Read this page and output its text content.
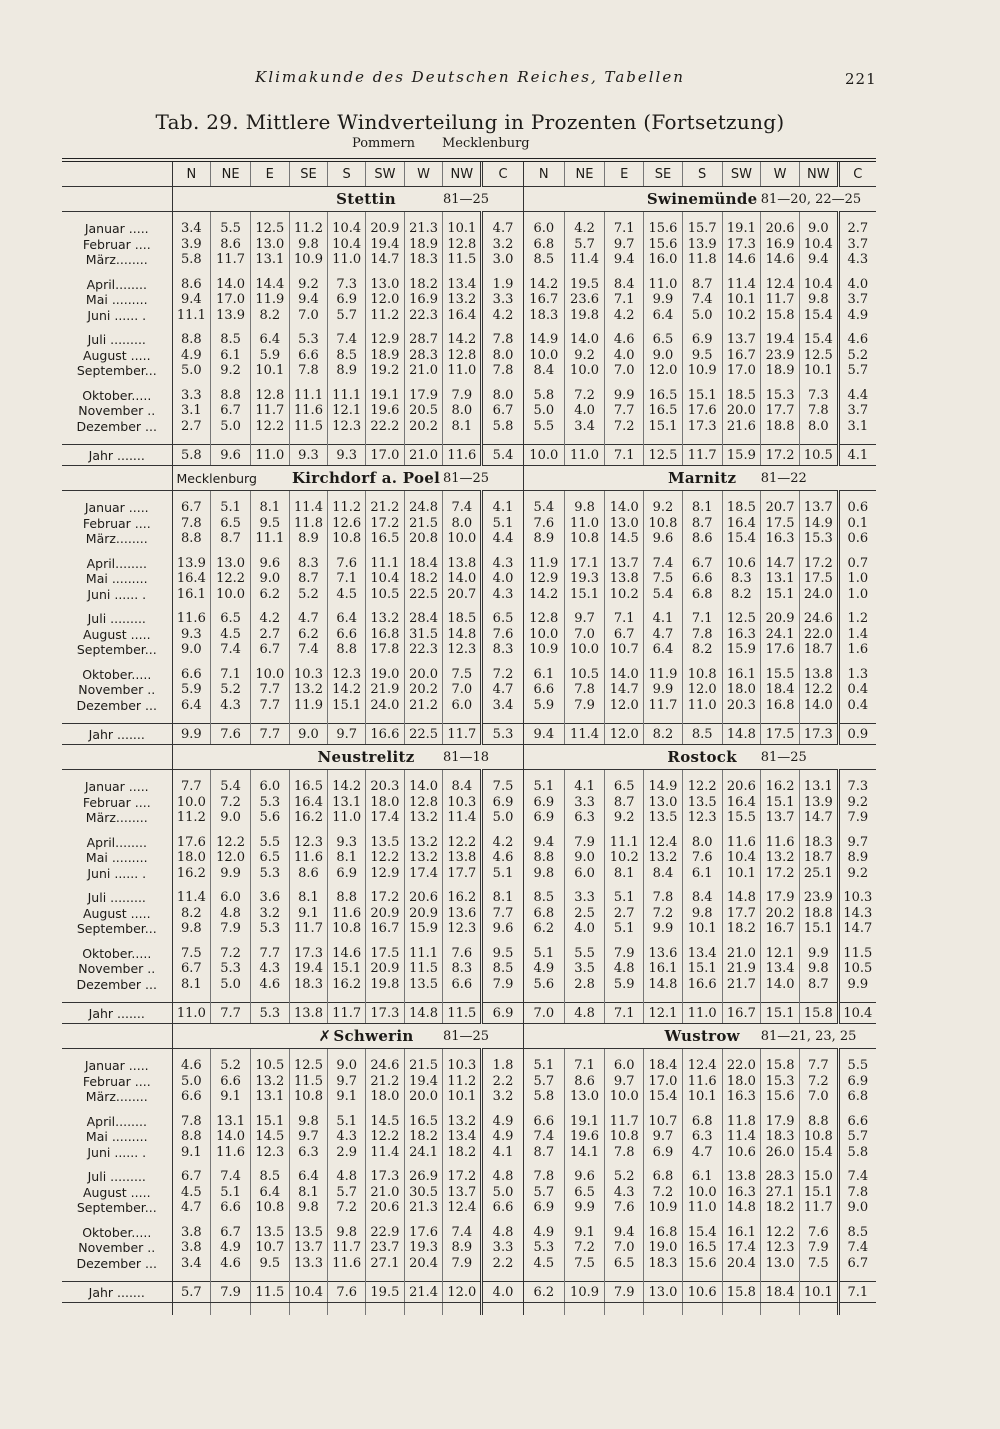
Klimakunde des Deutschen Reiches, Tabellen	221
Tab. 29. Mittlere Windverteilung in Prozenten (Fortsetzung)
Pommern Mecklenburg
	N	NE	E	SE	S	SW	W	NW	C	N	NE	E	SE	S	SW	W	NW	C
				Stettin				81—25					Swinemünde			81—20, 22—25		

Januar .....	3.4	5.5	12.5	11.2	10.4	20.9	21.3	10.1	4.7	6.0	4.2	7.1	15.6	15.7	19.1	20.6	9.0	2.7
Februar ....	3.9	8.6	13.0	9.8	10.4	19.4	18.9	12.8	3.2	6.8	5.7	9.7	15.6	13.9	17.3	16.9	10.4	3.7
März........	5.8	11.7	13.1	10.9	11.0	14.7	18.3	11.5	3.0	8.5	11.4	9.4	16.0	11.8	14.6	14.6	9.4	4.3

April........	8.6	14.0	14.4	9.2	7.3	13.0	18.2	13.4	1.9	14.2	19.5	8.4	11.0	8.7	11.4	12.4	10.4	4.0
Mai .........	9.4	17.0	11.9	9.4	6.9	12.0	16.9	13.2	3.3	16.7	23.6	7.1	9.9	7.4	10.1	11.7	9.8	3.7
Juni ...... .	11.1	13.9	8.2	7.0	5.7	11.2	22.3	16.4	4.2	18.3	19.8	4.2	6.4	5.0	10.2	15.8	15.4	4.9

Juli .........	8.8	8.5	6.4	5.3	7.4	12.9	28.7	14.2	7.8	14.9	14.0	4.6	6.5	6.9	13.7	19.4	15.4	4.6
August .....	4.9	6.1	5.9	6.6	8.5	18.9	28.3	12.8	8.0	10.0	9.2	4.0	9.0	9.5	16.7	23.9	12.5	5.2
September...	5.0	9.2	10.1	7.8	8.9	19.2	21.0	11.0	7.8	8.4	10.0	7.0	12.0	10.9	17.0	18.9	10.1	5.7

Oktober.....	3.3	8.8	12.8	11.1	11.1	19.1	17.9	7.9	8.0	5.8	7.2	9.9	16.5	15.1	18.5	15.3	7.3	4.4
November ..	3.1	6.7	11.7	11.6	12.1	19.6	20.5	8.0	6.7	5.0	4.0	7.7	16.5	17.6	20.0	17.7	7.8	3.7
Dezember ...	2.7	5.0	12.2	11.5	12.3	22.2	20.2	8.1	5.8	5.5	3.4	7.2	15.1	17.3	21.6	18.8	8.0	3.1

Jahr .......	5.8	9.6	11.0	9.3	9.3	17.0	21.0	11.6	5.4	10.0	11.0	7.1	12.5	11.7	15.9	17.2	10.5	4.1
	Mecklenburg			Kirchdorf a. Poel				81—25					Marnitz			81—22		

Januar .....	6.7	5.1	8.1	11.4	11.2	21.2	24.8	7.4	4.1	5.4	9.8	14.0	9.2	8.1	18.5	20.7	13.7	0.6
Februar ....	7.8	6.5	9.5	11.8	12.6	17.2	21.5	8.0	5.1	7.6	11.0	13.0	10.8	8.7	16.4	17.5	14.9	0.1
März........	8.8	8.7	11.1	8.9	10.8	16.5	20.8	10.0	4.4	8.9	10.8	14.5	9.6	8.6	15.4	16.3	15.3	0.6

April........	13.9	13.0	9.6	8.3	7.6	11.1	18.4	13.8	4.3	11.9	17.1	13.7	7.4	6.7	10.6	14.7	17.2	0.7
Mai .........	16.4	12.2	9.0	8.7	7.1	10.4	18.2	14.0	4.0	12.9	19.3	13.8	7.5	6.6	8.3	13.1	17.5	1.0
Juni ...... .	16.1	10.0	6.2	5.2	4.5	10.5	22.5	20.7	4.3	14.2	15.1	10.2	5.4	6.8	8.2	15.1	24.0	1.0

Juli .........	11.6	6.5	4.2	4.7	6.4	13.2	28.4	18.5	6.5	12.8	9.7	7.1	4.1	7.1	12.5	20.9	24.6	1.2
August .....	9.3	4.5	2.7	6.2	6.6	16.8	31.5	14.8	7.6	10.0	7.0	6.7	4.7	7.8	16.3	24.1	22.0	1.4
September...	9.0	7.4	6.7	7.4	8.8	17.8	22.3	12.3	8.3	10.9	10.0	10.7	6.4	8.2	15.9	17.6	18.7	1.6

Oktober.....	6.6	7.1	10.0	10.3	12.3	19.0	20.0	7.5	7.2	6.1	10.5	14.0	11.9	10.8	16.1	15.5	13.8	1.3
November ..	5.9	5.2	7.7	13.2	14.2	21.9	20.2	7.0	4.7	6.6	7.8	14.7	9.9	12.0	18.0	18.4	12.2	0.4
Dezember ...	6.4	4.3	7.7	11.9	15.1	24.0	21.2	6.0	3.4	5.9	7.9	12.0	11.7	11.0	20.3	16.8	14.0	0.4

Jahr .......	9.9	7.6	7.7	9.0	9.7	16.6	22.5	11.7	5.3	9.4	11.4	12.0	8.2	8.5	14.8	17.5	17.3	0.9
				Neustrelitz				81—18					Rostock			81—25		

Januar .....	7.7	5.4	6.0	16.5	14.2	20.3	14.0	8.4	7.5	5.1	4.1	6.5	14.9	12.2	20.6	16.2	13.1	7.3
Februar ....	10.0	7.2	5.3	16.4	13.1	18.0	12.8	10.3	6.9	6.9	3.3	8.7	13.0	13.5	16.4	15.1	13.9	9.2
März........	11.2	9.0	5.6	16.2	11.0	17.4	13.2	11.4	5.0	6.9	6.3	9.2	13.5	12.3	15.5	13.7	14.7	7.9

April........	17.6	12.2	5.5	12.3	9.3	13.5	13.2	12.2	4.2	9.4	7.9	11.1	12.4	8.0	11.6	11.6	18.3	9.7
Mai .........	18.0	12.0	6.5	11.6	8.1	12.2	13.2	13.8	4.6	8.8	9.0	10.2	13.2	7.6	10.4	13.2	18.7	8.9
Juni ...... .	16.2	9.9	5.3	8.6	6.9	12.9	17.4	17.7	5.1	9.8	6.0	8.1	8.4	6.1	10.1	17.2	25.1	9.2

Juli .........	11.4	6.0	3.6	8.1	8.8	17.2	20.6	16.2	8.1	8.5	3.3	5.1	7.8	8.4	14.8	17.9	23.9	10.3
August .....	8.2	4.8	3.2	9.1	11.6	20.9	20.9	13.6	7.7	6.8	2.5	2.7	7.2	9.8	17.7	20.2	18.8	14.3
September...	9.8	7.9	5.3	11.7	10.8	16.7	15.9	12.3	9.6	6.2	4.0	5.1	9.9	10.1	18.2	16.7	15.1	14.7

Oktober.....	7.5	7.2	7.7	17.3	14.6	17.5	11.1	7.6	9.5	5.1	5.5	7.9	13.6	13.4	21.0	12.1	9.9	11.5
November ..	6.7	5.3	4.3	19.4	15.1	20.9	11.5	8.3	8.5	4.9	3.5	4.8	16.1	15.1	21.9	13.4	9.8	10.5
Dezember ...	8.1	5.0	4.6	18.3	16.2	19.8	13.5	6.6	7.9	5.6	2.8	5.9	14.8	16.6	21.7	14.0	8.7	9.9

Jahr .......	11.0	7.7	5.3	13.8	11.7	17.3	14.8	11.5	6.9	7.0	4.8	7.1	12.1	11.0	16.7	15.1	15.8	10.4
				✗ Schwerin				81—25					Wustrow			81—21, 23, 25		

Januar .....	4.6	5.2	10.5	12.5	9.0	24.6	21.5	10.3	1.8	5.1	7.1	6.0	18.4	12.4	22.0	15.8	7.7	5.5
Februar ....	5.0	6.6	13.2	11.5	9.7	21.2	19.4	11.2	2.2	5.7	8.6	9.7	17.0	11.6	18.0	15.3	7.2	6.9
März........	6.6	9.1	13.1	10.8	9.1	18.0	20.0	10.1	3.2	5.8	13.0	10.0	15.4	10.1	16.3	15.6	7.0	6.8

April........	7.8	13.1	15.1	9.8	5.1	14.5	16.5	13.2	4.9	6.6	19.1	11.7	10.7	6.8	11.8	17.9	8.8	6.6
Mai .........	8.8	14.0	14.5	9.7	4.3	12.2	18.2	13.4	4.9	7.4	19.6	10.8	9.7	6.3	11.4	18.3	10.8	5.7
Juni ...... .	9.1	11.6	12.3	6.3	2.9	11.4	24.1	18.2	4.1	8.7	14.1	7.8	6.9	4.7	10.6	26.0	15.4	5.8

Juli .........	6.7	7.4	8.5	6.4	4.8	17.3	26.9	17.2	4.8	7.8	9.6	5.2	6.8	6.1	13.8	28.3	15.0	7.4
August .....	4.5	5.1	6.4	8.1	5.7	21.0	30.5	13.7	5.0	5.7	6.5	4.3	7.2	10.0	16.3	27.1	15.1	7.8
September...	4.7	6.6	10.8	9.8	7.2	20.6	21.3	12.4	6.6	6.9	9.9	7.6	10.9	11.0	14.8	18.2	11.7	9.0

Oktober.....	3.8	6.7	13.5	13.5	9.8	22.9	17.6	7.4	4.8	4.9	9.1	9.4	16.8	15.4	16.1	12.2	7.6	8.5
November ..	3.8	4.9	10.7	13.7	11.7	23.7	19.3	8.9	3.3	5.3	7.2	7.0	19.0	16.5	17.4	12.3	7.9	7.4
Dezember ...	3.4	4.6	9.5	13.3	11.6	27.1	20.4	7.9	2.2	4.5	7.5	6.5	18.3	15.6	20.4	13.0	7.5	6.7

Jahr .......	5.7	7.9	11.5	10.4	7.6	19.5	21.4	12.0	4.0	6.2	10.9	7.9	13.0	10.6	15.8	18.4	10.1	7.1
